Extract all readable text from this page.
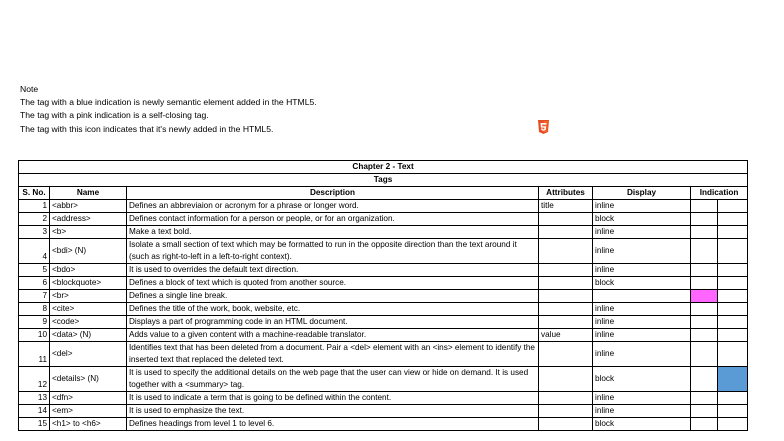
Note
The tag with a blue indication is newly semantic element added in the HTML5.
The tag with a pink indication is a self-closing tag.
The tag with this icon indicates that it's newly added in the HTML5.
Chapter 2 - Text						
Tags						
S. No.	Name	Description	Attributes	Display	Indication	
1	<abbr>	Defines an abbreviaion or acronym for a phrase or longer word.	title	inline		
2	<address>	Defines contact information for a person or people, or for an organization.		block		
3	<b>	Make a text bold.		inline		
4	<bdi> (N)	Isolate a small section of text which may be formatted to run in the opposite direction than the text around it (such as right-to-left in a left-to-right context).		inline		
5	<bdo>	It is used to overrides the default text direction.		inline		
6	<blockquote>	Defines a block of text which is quoted from another source.		block		
7	<br>	Defines a single line break.			

8	<cite>	Defines the title of the work, book, website, etc.		inline		
9	<code>	Displays a part of programming code in an HTML document.		inline		
10	<data> (N)	Adds value to a given content with a machine-readable translator.	value	inline		
11	<del>	Identifies text that has been deleted from a document. Pair a <del> element with an <ins> element to identify the inserted text that replaced the deleted text.		inline		
12	<details> (N)	It is used to specify the additional details on the web page that the user can view or hide on demand. It is used together with a <summary> tag.		block		

13	<dfn>	It is used to indicate a term that is going to be defined within the content.		inline		
14	<em>	It is used to emphasize the text.		inline		
15	<h1> to <h6>	Defines headings from level 1 to level 6.		block		
